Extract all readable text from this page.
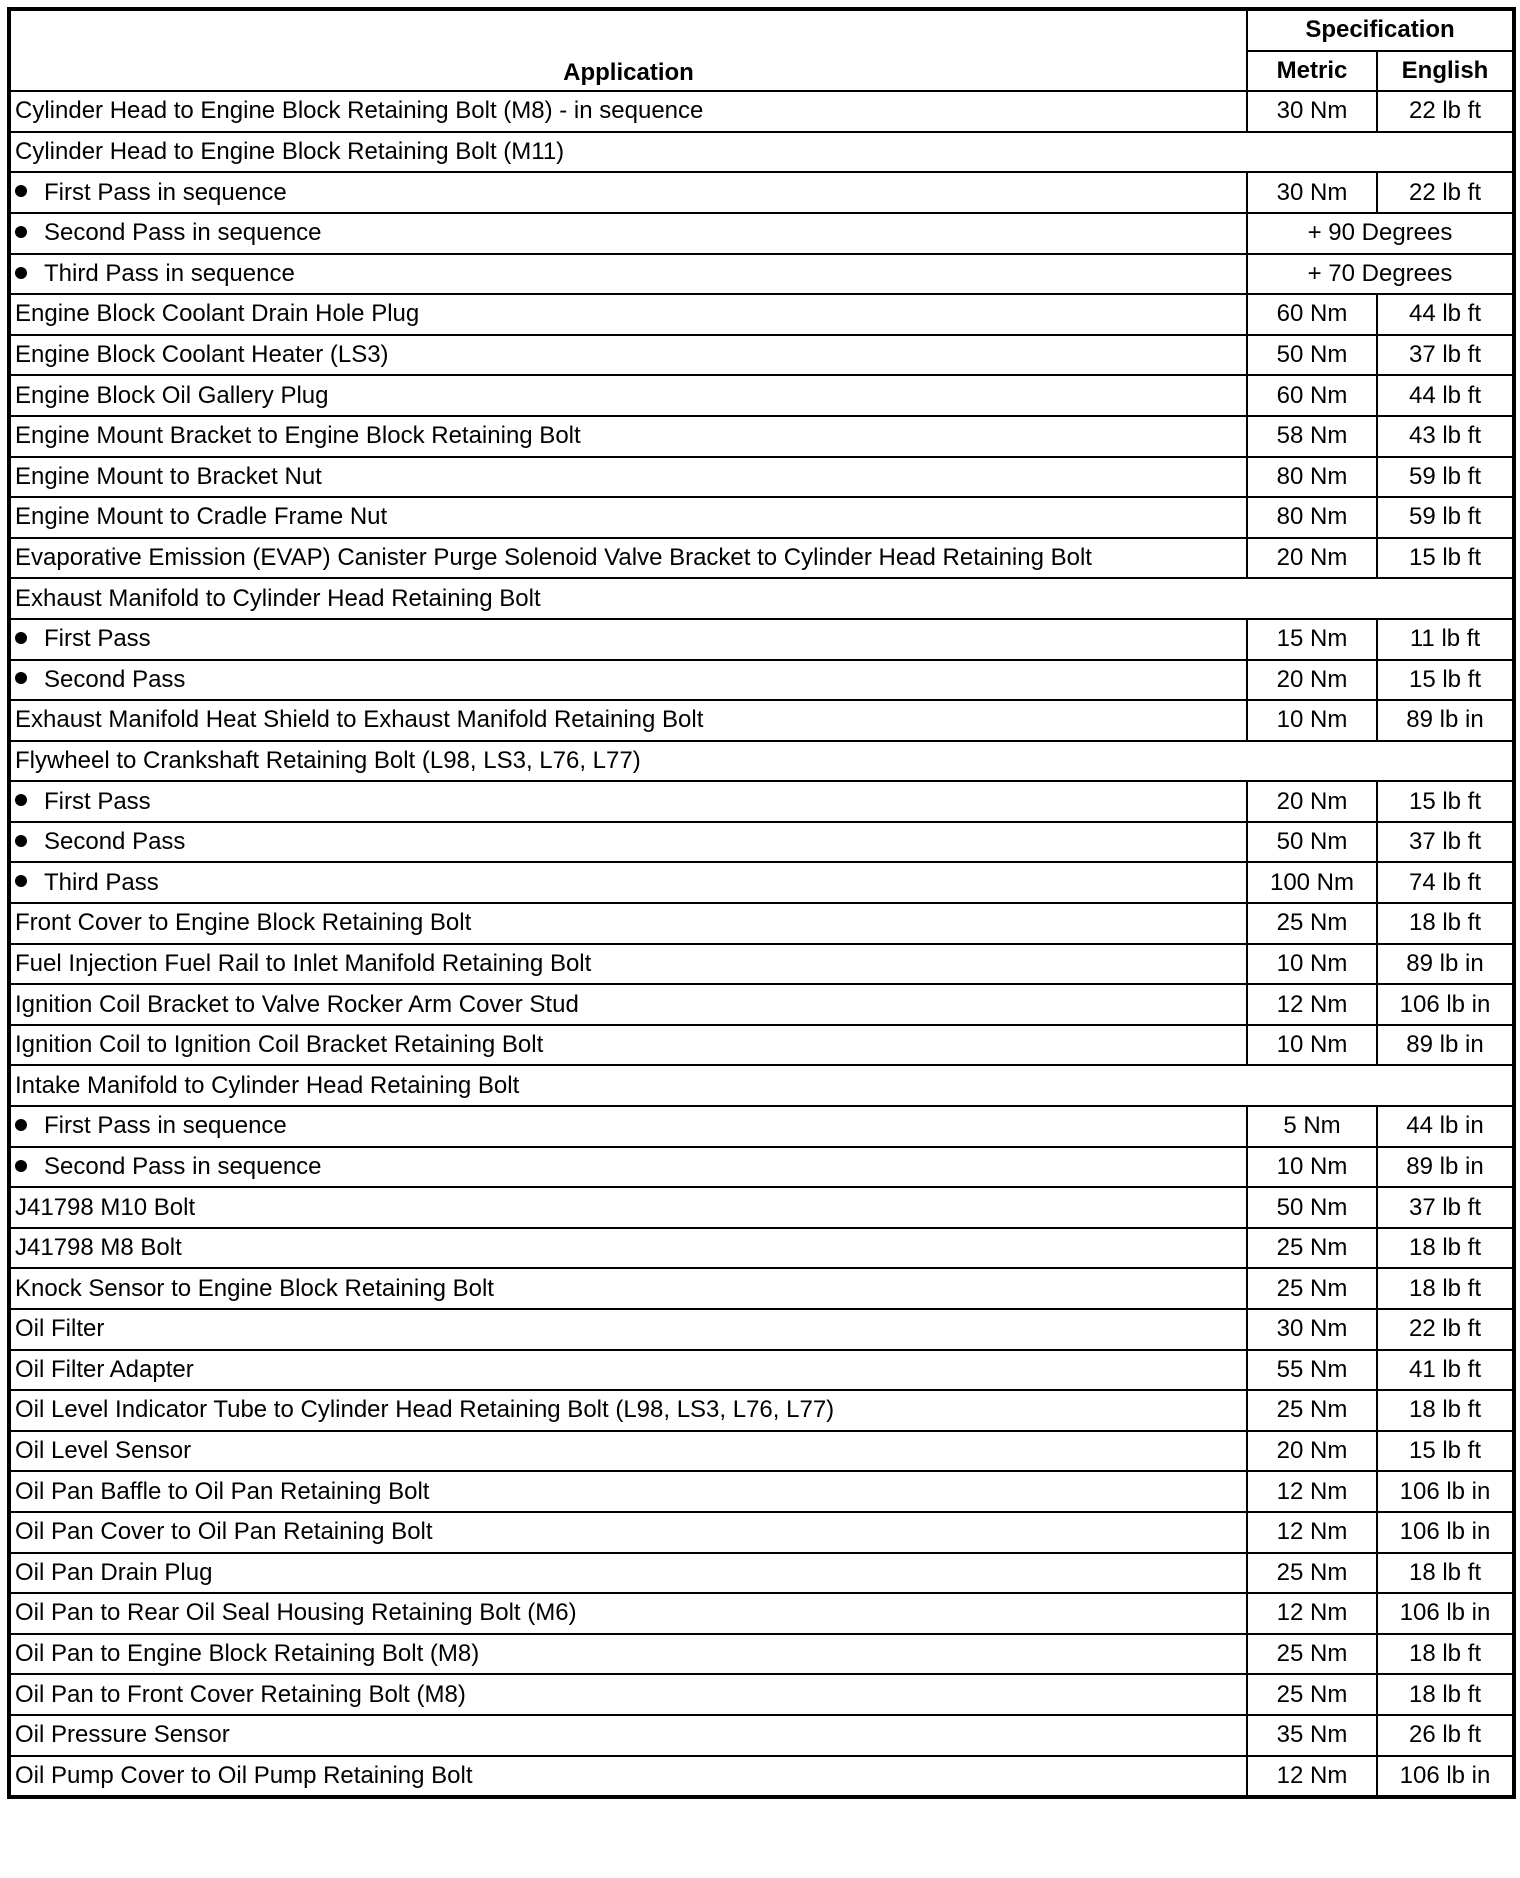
Application	Specification	
	Metric	English
Cylinder Head to Engine Block Retaining Bolt (M8) - in sequence	30 Nm	22 lb ft
Cylinder Head to Engine Block Retaining Bolt (M11)		
First Pass in sequence	30 Nm	22 lb ft
Second Pass in sequence	+ 90 Degrees	
Third Pass in sequence	+ 70 Degrees	
Engine Block Coolant Drain Hole Plug	60 Nm	44 lb ft
Engine Block Coolant Heater (LS3)	50 Nm	37 lb ft
Engine Block Oil Gallery Plug	60 Nm	44 lb ft
Engine Mount Bracket to Engine Block Retaining Bolt	58 Nm	43 lb ft
Engine Mount to Bracket Nut	80 Nm	59 lb ft
Engine Mount to Cradle Frame Nut	80 Nm	59 lb ft
Evaporative Emission (EVAP) Canister Purge Solenoid Valve Bracket to Cylinder Head Retaining Bolt	20 Nm	15 lb ft
Exhaust Manifold to Cylinder Head Retaining Bolt		
First Pass	15 Nm	11 lb ft
Second Pass	20 Nm	15 lb ft
Exhaust Manifold Heat Shield to Exhaust Manifold Retaining Bolt	10 Nm	89 lb in
Flywheel to Crankshaft Retaining Bolt (L98, LS3, L76, L77)		
First Pass	20 Nm	15 lb ft
Second Pass	50 Nm	37 lb ft
Third Pass	100 Nm	74 lb ft
Front Cover to Engine Block Retaining Bolt	25 Nm	18 lb ft
Fuel Injection Fuel Rail to Inlet Manifold Retaining Bolt	10 Nm	89 lb in
Ignition Coil Bracket to Valve Rocker Arm Cover Stud	12 Nm	106 lb in
Ignition Coil to Ignition Coil Bracket Retaining Bolt	10 Nm	89 lb in
Intake Manifold to Cylinder Head Retaining Bolt		
First Pass in sequence	5 Nm	44 lb in
Second Pass in sequence	10 Nm	89 lb in
J41798 M10 Bolt	50 Nm	37 lb ft
J41798 M8 Bolt	25 Nm	18 lb ft
Knock Sensor to Engine Block Retaining Bolt	25 Nm	18 lb ft
Oil Filter	30 Nm	22 lb ft
Oil Filter Adapter	55 Nm	41 lb ft
Oil Level Indicator Tube to Cylinder Head Retaining Bolt (L98, LS3, L76, L77)	25 Nm	18 lb ft
Oil Level Sensor	20 Nm	15 lb ft
Oil Pan Baffle to Oil Pan Retaining Bolt	12 Nm	106 lb in
Oil Pan Cover to Oil Pan Retaining Bolt	12 Nm	106 lb in
Oil Pan Drain Plug	25 Nm	18 lb ft
Oil Pan to Rear Oil Seal Housing Retaining Bolt (M6)	12 Nm	106 lb in
Oil Pan to Engine Block Retaining Bolt (M8)	25 Nm	18 lb ft
Oil Pan to Front Cover Retaining Bolt (M8)	25 Nm	18 lb ft
Oil Pressure Sensor	35 Nm	26 lb ft
Oil Pump Cover to Oil Pump Retaining Bolt	12 Nm	106 lb in
